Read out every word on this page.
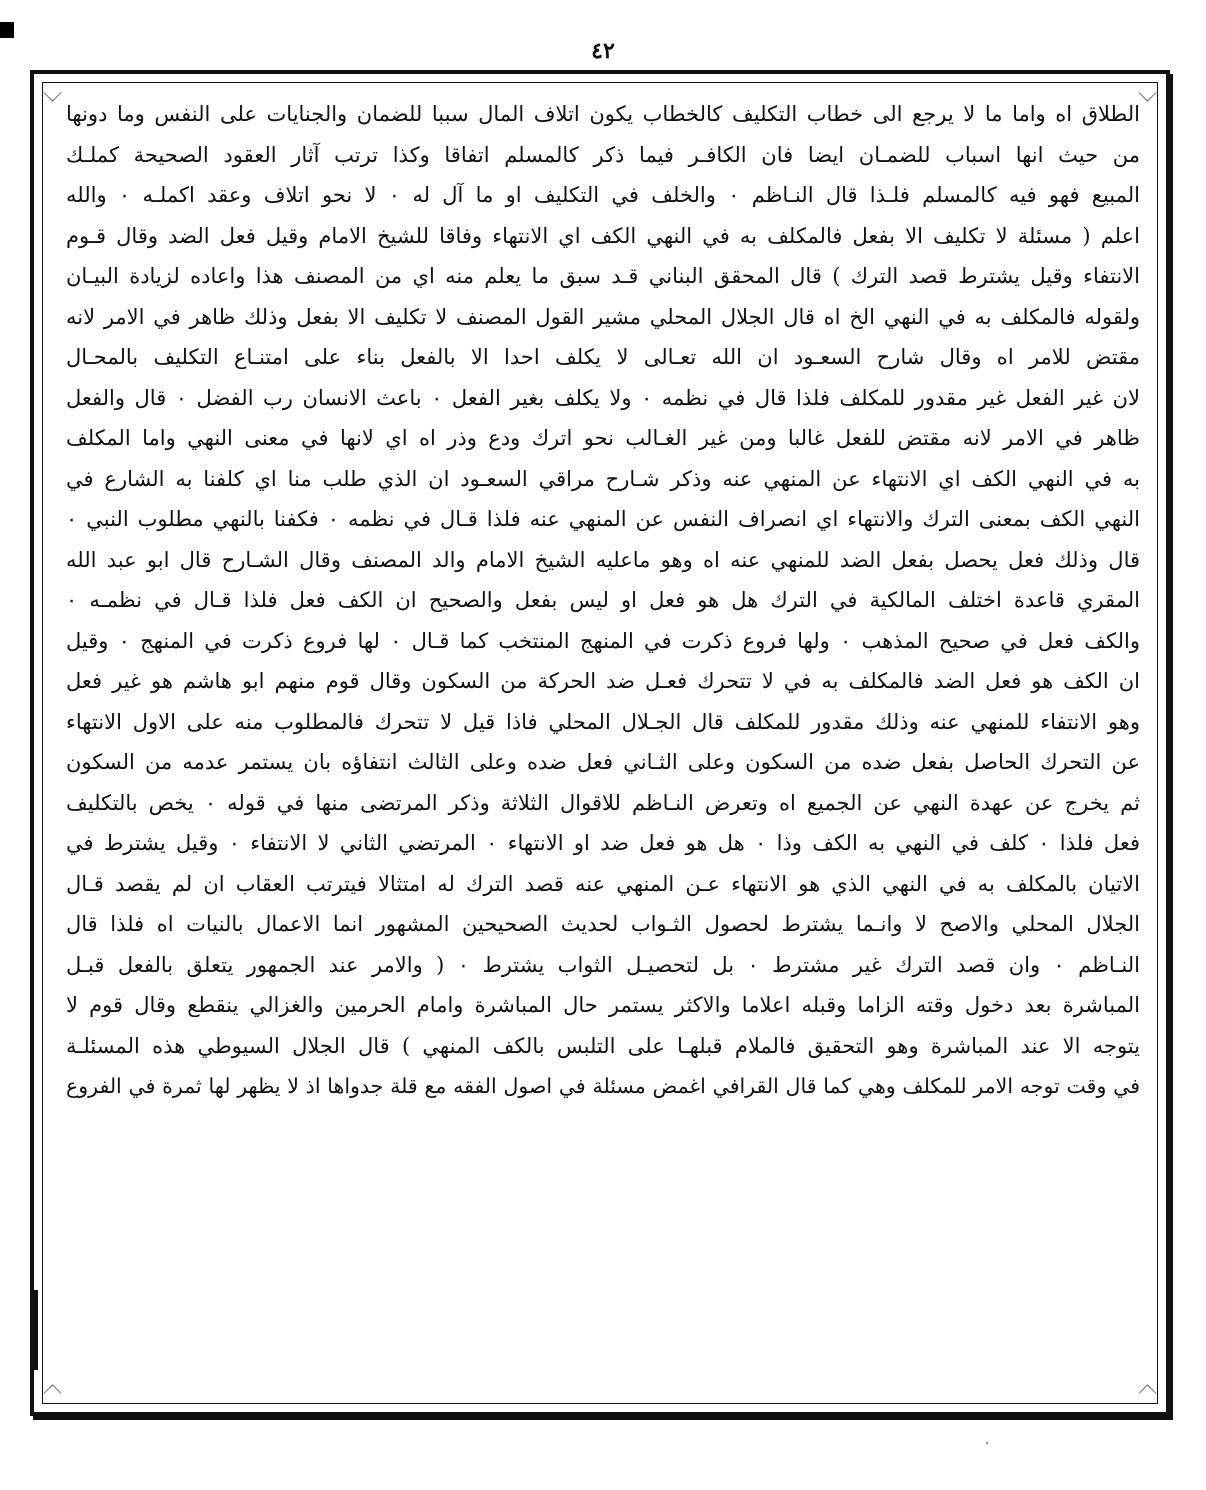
٤٢
الطلاق اه واما ما لا يرجع الى خطاب التكليف كالخطاب يكون اتلاف المال سببا للضمان والجنايات على النفس وما دونها
من حيث انها اسباب للضمـان ايضا فان الكافـر فيما ذكر كالمسلم اتفاقا وكذا ترتب آثار العقود الصحيحة كملـك
المبيع فهو فيه كالمسلم فلـذا قال النـاظم ۰ والخلف في التكليف او ما آل له ۰ لا نحو اتلاف وعقد اكملـه ۰ والله
اعلم ( مسئلة لا تكليف الا بفعل فالمكلف به في النهي الكف اي الانتهاء وفاقا للشيخ الامام وقيل فعل الضد وقال قـوم
الانتفاء وقيل يشترط قصد الترك ) قال المحقق البناني قـد سبق ما يعلم منه اي من المصنف هذا واعاده لزيادة البيـان
ولقوله فالمكلف به في النهي الخ اه قال الجلال المحلي مشير القول المصنف لا تكليف الا بفعل وذلك ظاهر في الامر لانه
مقتض للامر اه وقال شارح السعـود ان الله تعـالى لا يكلف احدا الا بالفعل بناء على امتنـاع التكليف بالمحـال
لان غير الفعل غير مقدور للمكلف فلذا قال في نظمه ۰ ولا يكلف بغير الفعل ۰ باعث الانسان رب الفضل ۰ قال والفعل
ظاهر في الامر لانه مقتض للفعل غالبا ومن غير الغـالب نحو اترك ودع وذر اه اي لانها في معنى النهي واما المكلف
به في النهي الكف اي الانتهاء عن المنهي عنه وذكر شـارح مراقي السعـود ان الذي طلب منا اي كلفنا به الشارع في
النهي الكف بمعنى الترك والانتهاء اي انصراف النفس عن المنهي عنه فلذا قـال في نظمه ۰ فكفنا بالنهي مطلوب النبي ۰
قال وذلك فعل يحصل بفعل الضد للمنهي عنه اه وهو ماعليه الشيخ الامام والد المصنف وقال الشـارح قال ابو عبد الله
المقري قاعدة اختلف المالكية في الترك هل هو فعل او ليس بفعل والصحيح ان الكف فعل فلذا قـال في نظمـه ۰
والكف فعل في صحيح المذهب ۰ ولها فروع ذكرت في المنهج المنتخب كما قـال ۰ لها فروع ذكرت في المنهج ۰ وقيل
ان الكف هو فعل الضد فالمكلف به في لا تتحرك فعـل ضد الحركة من السكون وقال قوم منهم ابو هاشم هو غير فعل
وهو الانتفاء للمنهي عنه وذلك مقدور للمكلف قال الجـلال المحلي فاذا قيل لا تتحرك فالمطلوب منه على الاول الانتهاء
عن التحرك الحاصل بفعل ضده من السكون وعلى الثـاني فعل ضده وعلى الثالث انتفاؤه بان يستمر عدمه من السكون
ثم يخرج عن عهدة النهي عن الجميع اه وتعرض النـاظم للاقوال الثلاثة وذكر المرتضى منها في قوله ۰ يخص بالتكليف
فعل فلذا ۰ كلف في النهي به الكف وذا ۰ هل هو فعل ضد او الانتهاء ۰ المرتضي الثاني لا الانتفاء ۰ وقيل يشترط في
الاتيان بالمكلف به في النهي الذي هو الانتهاء عـن المنهي عنه قصد الترك له امتثالا فيترتب العقاب ان لم يقصد قـال
الجلال المحلي والاصح لا وانـما يشترط لحصول الثـواب لحديث الصحيحين المشهور انما الاعمال بالنيات اه فلذا قال
النـاظم ۰ وان قصد الترك غير مشترط ۰ بل لتحصيـل الثواب يشترط ۰ ( والامر عند الجمهور يتعلق بالفعل قبـل
المباشرة بعد دخول وقته الزاما وقبله اعلاما والاكثر يستمر حال المباشرة وامام الحرمين والغزالي ينقطع وقال قوم لا
يتوجه الا عند المباشرة وهو التحقيق فالملام قبلهـا على التلبس بالكف المنهي ) قال الجلال السيوطي هذه المسئلـة
في وقت توجه الامر للمكلف وهي كما قال القرافي اغمض مسئلة في اصول الفقه مع قلة جدواها اذ لا يظهر لها ثمرة في الفروع
